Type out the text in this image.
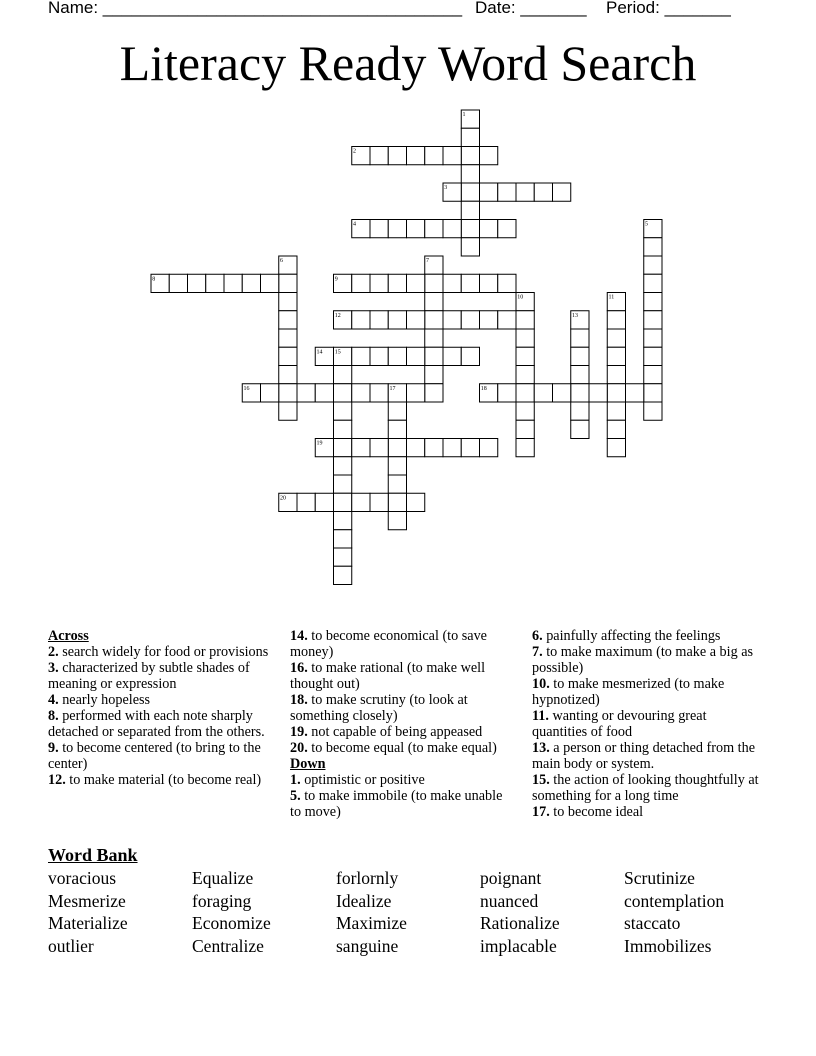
Name: ______________________________________ Date: _______ Period: _______
Literacy Ready Word Search
1
2
3
4	5
6	7
8	9
10	11
12	13
14 15
16	17	18
19
20
Across
2. search widely for food or provisions
3. characterized by subtle shades of meaning or expression
4. nearly hopeless
8. performed with each note sharply detached or separated from the others.
9. to become centered (to bring to the center)
12. to make material (to become real)
14. to become economical (to save money)
16. to make rational (to make well thought out)
18. to make scrutiny (to look at something closely)
19. not capable of being appeased
20. to become equal (to make equal)
Down
1. optimistic or positive
5. to make immobile (to make unable to move)
6. painfully affecting the feelings
7. to make maximum (to make a big as possible)
10. to make mesmerized (to make hypnotized)
11. wanting or devouring great quantities of food
13. a person or thing detached from the main body or system.
15. the action of looking thoughtfully at something for a long time
17. to become ideal
Word Bank
voracious	Equalize	forlornly	poignant	Scrutinize
Mesmerize	foraging	Idealize	nuanced	contemplation
Materialize	Economize	Maximize	Rationalize	staccato
outlier	Centralize	sanguine	implacable	Immobilizes
